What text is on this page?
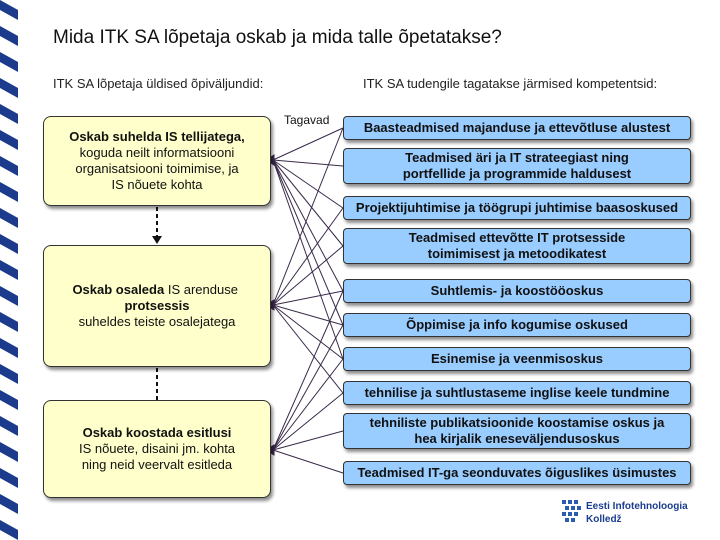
Mida ITK SA lõpetaja oskab ja mida talle õpetatakse?
ITK SA lõpetaja üldised õpiväljundid:	ITK SA tudengile tagatakse järmised kompetentsid:
Tagavad
Oskab suhelda IS tellijatega,
koguda neilt informatsiooni organisatsiooni toimimise, ja IS nõuete kohta
Oskab osaleda IS arenduse
protsessis
suheldes teiste osalejatega
Oskab koostada esitlusi
IS nõuete, disaini jm. kohta ning neid veervalt esitleda
Baasteadmised majanduse ja ettevõtluse alustest
Teadmised äri ja IT strateegiast ning
portfellide ja programmide haldusest
Projektijuhtimise ja töögrupi juhtimise baasoskused
Teadmised ettevõtte IT protsesside
toimimisest ja metoodikatest
Suhtlemis- ja koostööoskus
Õppimise ja info kogumise oskused
Esinemise ja veenmisoskus
tehnilise ja suhtlustaseme inglise keele tundmine
tehniliste publikatsioonide koostamise oskus ja
hea kirjalik eneseväljendusoskus
Teadmised IT-ga seonduvates õiguslikes üsimustes
Eesti Infotehnoloogia
Kolledž
